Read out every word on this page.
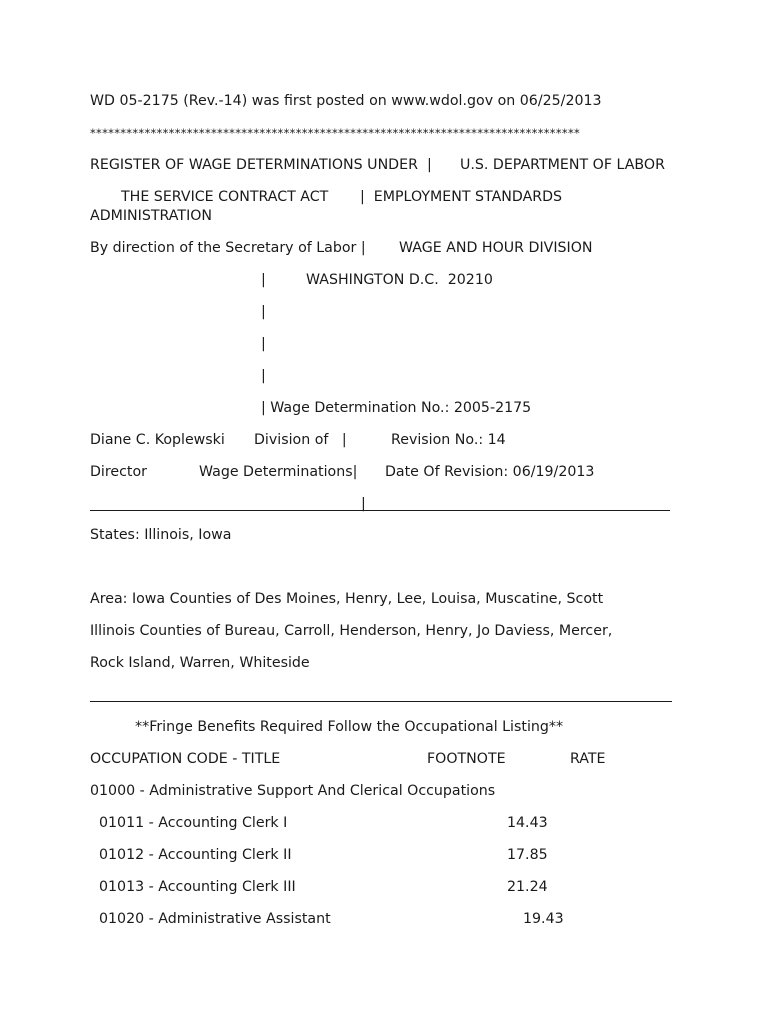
WD 05-2175 (Rev.-14) was first posted on www.wdol.gov on 06/25/2013

*********************************************************************************

REGISTER OF WAGE DETERMINATIONS UNDER  | U.S. DEPARTMENT OF LABOR

THE SERVICE CONTRACT ACT |  EMPLOYMENT STANDARDS

ADMINISTRATION

By direction of the Secretary of Labor | WAGE AND HOUR DIVISION

|	WASHINGTON D.C.  20210

|

|

|

| Wage Determination No.: 2005-2175

Diane C. Koplewski Division of   |	Revision No.: 14

Director	Wage Determinations| Date Of Revision: 06/19/2013

|

States: Illinois, Iowa

Area: Iowa Counties of Des Moines, Henry, Lee, Louisa, Muscatine, Scott

Illinois Counties of Bureau, Carroll, Henderson, Henry, Jo Daviess, Mercer,

Rock Island, Warren, Whiteside

**Fringe Benefits Required Follow the Occupational Listing**

OCCUPATION CODE - TITLE	FOOTNOTE	RATE

01000 - Administrative Support And Clerical Occupations

01011 - Accounting Clerk I	14.43

01012 - Accounting Clerk II	17.85

01013 - Accounting Clerk III	21.24

01020 - Administrative Assistant	19.43
